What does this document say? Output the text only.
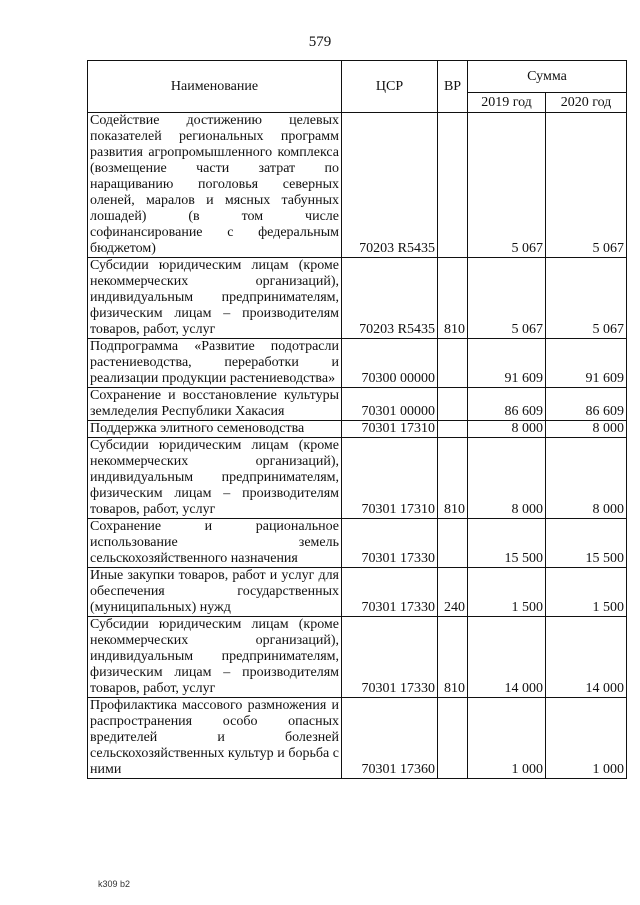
579
Наименование	ЦСР	ВР	Сумма	
			2019 год	2020 год
Содействие достижению целевых показателей региональных программ развития агропромышленного комплекса (возмещение части затрат по наращиванию поголовья северных оленей, маралов и мясных табунных лошадей) (в том числе софинансирование с федеральным бюджетом)	70203 R5435		5 067	5 067
Субсидии юридическим лицам (кроме некоммерческих организаций), индивидуальным предпринимателям, физическим лицам – производителям товаров, работ, услуг	70203 R5435	810	5 067	5 067
Подпрограмма «Развитие подотрасли растениеводства, переработки и реализации продукции растениеводства»	70300 00000		91 609	91 609
Сохранение и восстановление культуры земледелия Республики Хакасия	70301 00000		86 609	86 609
Поддержка элитного семеноводства	70301 17310		8 000	8 000
Субсидии юридическим лицам (кроме некоммерческих организаций), индивидуальным предпринимателям, физическим лицам – производителям товаров, работ, услуг	70301 17310	810	8 000	8 000
Сохранение и рациональное использование земель сельскохозяйственного назначения	70301 17330		15 500	15 500
Иные закупки товаров, работ и услуг для обеспечения государственных (муниципальных) нужд	70301 17330	240	1 500	1 500
Субсидии юридическим лицам (кроме некоммерческих организаций), индивидуальным предпринимателям, физическим лицам – производителям товаров, работ, услуг	70301 17330	810	14 000	14 000
Профилактика массового размножения и распространения особо опасных вредителей и болезней сельскохозяйственных культур и борьба с ними	70301 17360		1 000	1 000
k309 b2
